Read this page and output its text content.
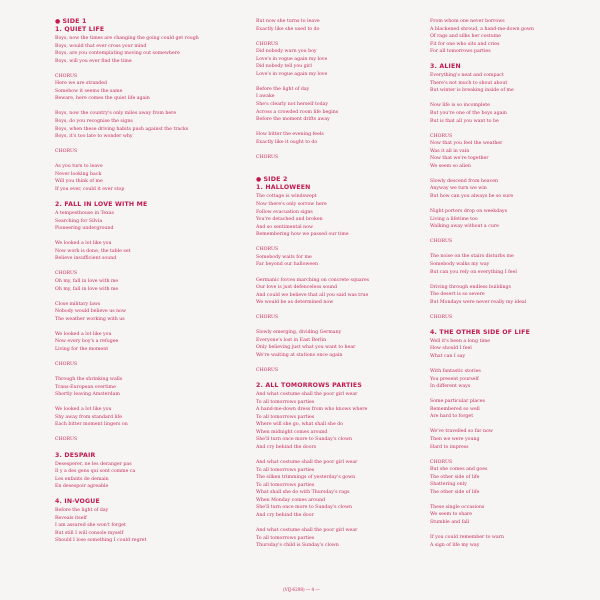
● SIDE 1
1. QUIET LIFE
Boys, now the times are changing the going could get rough
Boys, would that ever cross your mind
Boys, are you contemplating moving out somewhere
Boys, will you ever find the time
CHORUS
Here we are stranded
Somehow it seems the same
Beware, here comes the quiet life again
Boys, now the country's only miles away from here
Boys, do you recognise the signs
Boys, when these driving habits push against the tracks
Boys, it's too late to wonder why
CHORUS
As you turn to leave
Never looking back
Will you think of me
If you ever, could it ever stop
2. FALL IN LOVE WITH ME
A tempesthouse in Texas
Searching for Silvia
Pioneering underground
We looked a lot like you
Now work is done, the table set
Believe insufficient sound
CHORUS
Oh my, fall in love with me
Oh my, fall in love with me
Close military laws
Nobody would believe us now
The weather working with us
We looked a lot like you
Now every boy's a refugee
Living for the moment
CHORUS
Through the shrinking walls
Trans-European overtime
Shortly leaving Amsterdam
We looked a lot like you
Shy away from standard life
Each bitter moment lingers on
CHORUS
3. DESPAIR
Desesperer, ne les deranger pas
Il y a des gens qui sont comme ca
Les enfants de demain
En desespoir agreable
4. IN-VOGUE
Before the light of day
Reveals itself
I am assured she won't forget
But still I will console myself
Should I lose something I could regret
But now she turns to leave
Exactly like she used to do
CHORUS
Did nobody warn you boy
Love's in vogue again my love
Did nobody tell you girl
Love's in vogue again my love
Before the light of day
I awake
She's clearly not herself today
Across a crowded room life begins
Before the moment drifts away
How bitter the evening feels
Exactly like it ought to do
CHORUS
● SIDE 2
1. HALLOWEEN
The cottage is windswept
Now there's only sorrow here
Follow evacuation signs
You're detached and broken
And so sentimental now
Remembering how we passed our time
CHORUS
Somebody waits for me
Far beyond our halloween
Germanic forces marching on concrete squares
Our love is just defenceless sound
And could we believe that all you said was true
We would be as determined now
CHORUS
Slowly emerging, dividing Germany
Everyone's lost in East Berlin
Only believing just what you want to hear
We're waiting at stations once again
CHORUS
2. ALL TOMORROWS PARTIES
And what costume shall the poor girl wear
To all tomorrows parties
A hand-me-down dress from who knows where
To all tomorrows parties
Where will she go, what shall she do
When midnight comes around
She'll turn once more to Sunday's clown
And cry behind the doors
And what costume shall the poor girl wear
To all tomorrows parties
The silken trimmings of yesterday's gown
To all tomorrows parties
What shall she do with Thursday's rags
When Monday comes around
She'll turn once more to Sunday's clown
And cry behind the door
And what costume shall the poor girl wear
To all tomorrows parties
Thursday's child is Sunday's clown
From whom one never borrows
A blackened shroud, a hand-me-down gown
Of rags and silks her costume
Fit for one who sits and cries
For all tomorrows parties
3. ALIEN
Everything's neat and compact
There's not much to shout about
But winter is breaking inside of me
Now life is so incomplete
But you're one of the boys again
But is that all you want to be
CHORUS
Now that you feel the weather
Was it all in vain
Now that we're together
We seem so alien
Slowly descend from heaven
Anyway we turn we win
But how can you always be so sure
Night porters drop on weekdays
Living a lifetime too
Walking away without a cure
CHORUS
The noise on the stairs disturbs me
Somebody walks my way
But can you rely on everything I feel
Driving through endless buildings
The desert is so severe
But Mondays were never really my ideal
CHORUS
4. THE OTHER SIDE OF LIFE
Well it's been a long time
How should I feel
What can I say
With fantastic stories
You present yourself
In different ways
Some particular places
Remembered so well
Are hard to forget
We've travelled so far now
Then we were young
Hard to impress
CHORUS
But she comes and goes
The other side of life
Shattering only
The other side of life
These single occasions
We seem to share
Stumble and fall
If you could remember to warn
A sign of life my way
(VIJ-6298) — 4 —
